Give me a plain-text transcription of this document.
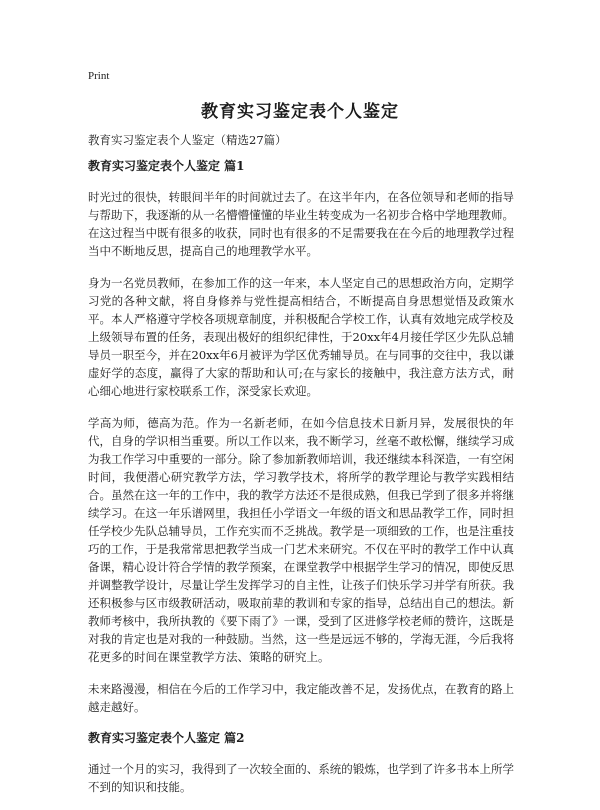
Print
教育实习鉴定表个人鉴定
教育实习鉴定表个人鉴定（精选27篇）
教育实习鉴定表个人鉴定 篇1

时光过的很快，转眼间半年的时间就过去了。在这半年内，在各位领导和老师的指导与帮助下，我逐渐的从一名懵懵懂懂的毕业生转变成为一名初步合格中学地理教师。在这过程当中既有很多的收获，同时也有很多的不足需要我在在今后的地理教学过程当中不断地反思，提高自己的地理教学水平。

身为一名党员教师，在参加工作的这一年来，本人坚定自己的思想政治方向，定期学习党的各种文献，将自身修养与党性提高相结合，不断提高自身思想觉悟及政策水平。本人严格遵守学校各项规章制度，并积极配合学校工作，认真有效地完成学校及上级领导布置的任务，表现出极好的组织纪律性，于20xx年4月接任学区少先队总辅导员一职至今，并在20xx年6月被评为学区优秀辅导员。在与同事的交往中，我以谦虚好学的态度，赢得了大家的帮助和认可;在与家长的接触中，我注意方法方式，耐心细心地进行家校联系工作，深受家长欢迎。

学高为师，德高为范。作为一名新老师，在如今信息技术日新月异，发展很快的年代，自身的学识相当重要。所以工作以来，我不断学习，丝毫不敢松懈，继续学习成为我工作学习中重要的一部分。除了参加新教师培训，我还继续本科深造，一有空闲时间，我便潜心研究教学方法，学习教学技术，将所学的教学理论与教学实践相结合。虽然在这一年的工作中，我的教学方法还不是很成熟，但我已学到了很多并将继续学习。在这一年乐谱网里，我担任小学语文一年级的语文和思品教学工作，同时担任学校少先队总辅导员，工作充实而不乏挑战。教学是一项细致的工作，也是注重技巧的工作，于是我常常思把教学当成一门艺术来研究。不仅在平时的教学工作中认真备课，精心设计符合学情的教学预案，在课堂教学中根据学生学习的情况，即使反思并调整教学设计，尽量让学生发挥学习的自主性，让孩子们快乐学习并学有所获。我还积极参与区市级教研活动，吸取前辈的教训和专家的指导，总结出自己的想法。新教师考核中，我所执教的《要下雨了》一课，受到了区进修学校老师的赞许，这既是对我的肯定也是对我的一种鼓励。当然，这一些是远远不够的，学海无涯，今后我将花更多的时间在课堂教学方法、策略的研究上。

未来路漫漫，相信在今后的工作学习中，我定能改善不足，发扬优点，在教育的路上越走越好。

教育实习鉴定表个人鉴定 篇2

通过一个月的实习，我得到了一次较全面的、系统的锻炼，也学到了许多书本上所学不到的知识和技能。
